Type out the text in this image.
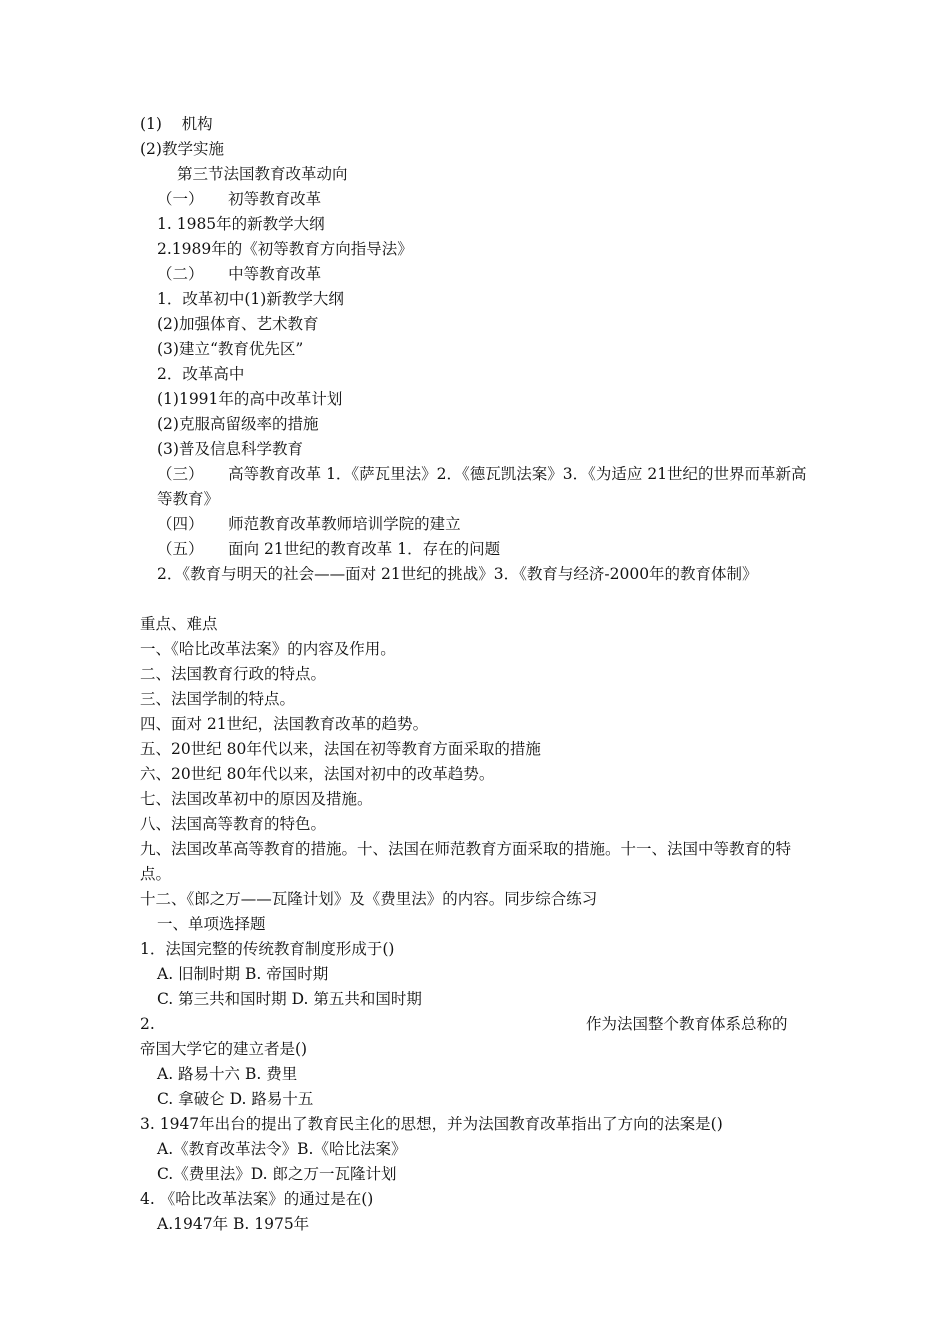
(1)    机构
(2)教学实施
第三节法国教育改革动向
（一）     初等教育改革
1. 1985年的新教学大纲
2.1989年的《初等教育方向指导法》
（二）     中等教育改革
1．改革初中(1)新教学大纲
(2)加强体育、艺术教育
(3)建立“教育优先区”
2．改革高中
(1)1991年的高中改革计划
(2)克服高留级率的措施
(3)普及信息科学教育
（三）     高等教育改革 1．《萨瓦里法》2．《德瓦凯法案》3．《为适应 21世纪的世界而革新高等教育》
（四）     师范教育改革教师培训学院的建立
（五）     面向 21世纪的教育改革 1．存在的问题
2．《教育与明天的社会——面对 21世纪的挑战》3．《教育与经济-2000年的教育体制》
重点、难点
一、《哈比改革法案》的内容及作用。
二、法国教育行政的特点。
三、法国学制的特点。
四、面对 21世纪，法国教育改革的趋势。
五、20世纪 80年代以来，法国在初等教育方面采取的措施
六、20世纪 80年代以来，法国对初中的改革趋势。
七、法国改革初中的原因及措施。
八、法国高等教育的特色。
九、法国改革高等教育的措施。十、法国在师范教育方面采取的措施。十一、法国中等教育的特点。
十二、《郎之万——瓦隆计划》及《费里法》的内容。同步综合练习
一、单项选择题
1．法国完整的传统教育制度形成于()
A. 旧制时期 B. 帝国时期
C. 第三共和国时期 D. 第五共和国时期
2.	作为法国整个教育体系总称的
帝国大学它的建立者是()
A. 路易十六 B. 费里
C. 拿破仑 D. 路易十五
3. 1947年出台的提出了教育民主化的思想，并为法国教育改革指出了方向的法案是()
A.《教育改革法令》B.《哈比法案》
C.《费里法》D. 郎之万一瓦隆计划
4. 《哈比改革法案》的通过是在()
A.1947年 B. 1975年
